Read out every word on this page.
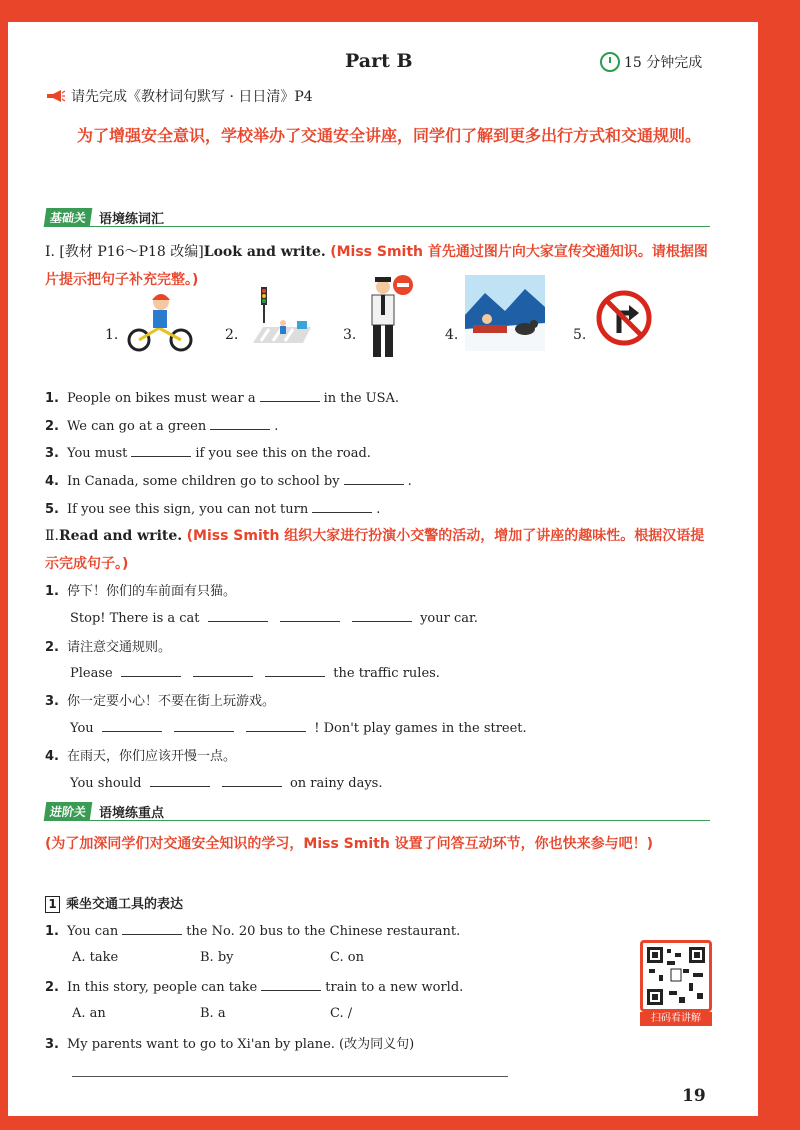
Part B	15 分钟完成
请先完成《教材词句默写 · 日日清》P4
为了增强安全意识，学校举办了交通安全讲座，同学们了解到更多出行方式和交通规则。
基础关 语境练词汇
Ⅰ. [教材 P16～P18 改编]Look and write. (Miss Smith 首先通过图片向大家宣传交通知识。请根据图片提示把句子补充完整。)
1.	2.	3.	4.	5.
1. People on bikes must wear a	in the USA.
2. We can go at a green	.
3. You must	if you see this on the road.
4. In Canada, some children go to school by	.
5. If you see this sign, you can not turn	.
Ⅱ.Read and write. (Miss Smith 组织大家进行扮演小交警的活动，增加了讲座的趣味性。根据汉语提示完成句子。)
1. 停下！你们的车前面有只猫。
Stop! There is a cat	your car.
2. 请注意交通规则。
Please	the traffic rules.
3. 你一定要小心！不要在街上玩游戏。
You	! Don't play games in the street.
4. 在雨天，你们应该开慢一点。
You should	on rainy days.
进阶关 语境练重点
(为了加深同学们对交通安全知识的学习，Miss Smith 设置了问答互动环节，你也快来参与吧！)
1 乘坐交通工具的表达
1. You can	the No. 20 bus to the Chinese restaurant.
A. take	B. by	C. on
2. In this story, people can take	train to a new world.
A. an	B. a	C. /
3. My parents want to go to Xi'an by plane. (改为同义句)
扫码看讲解
19
